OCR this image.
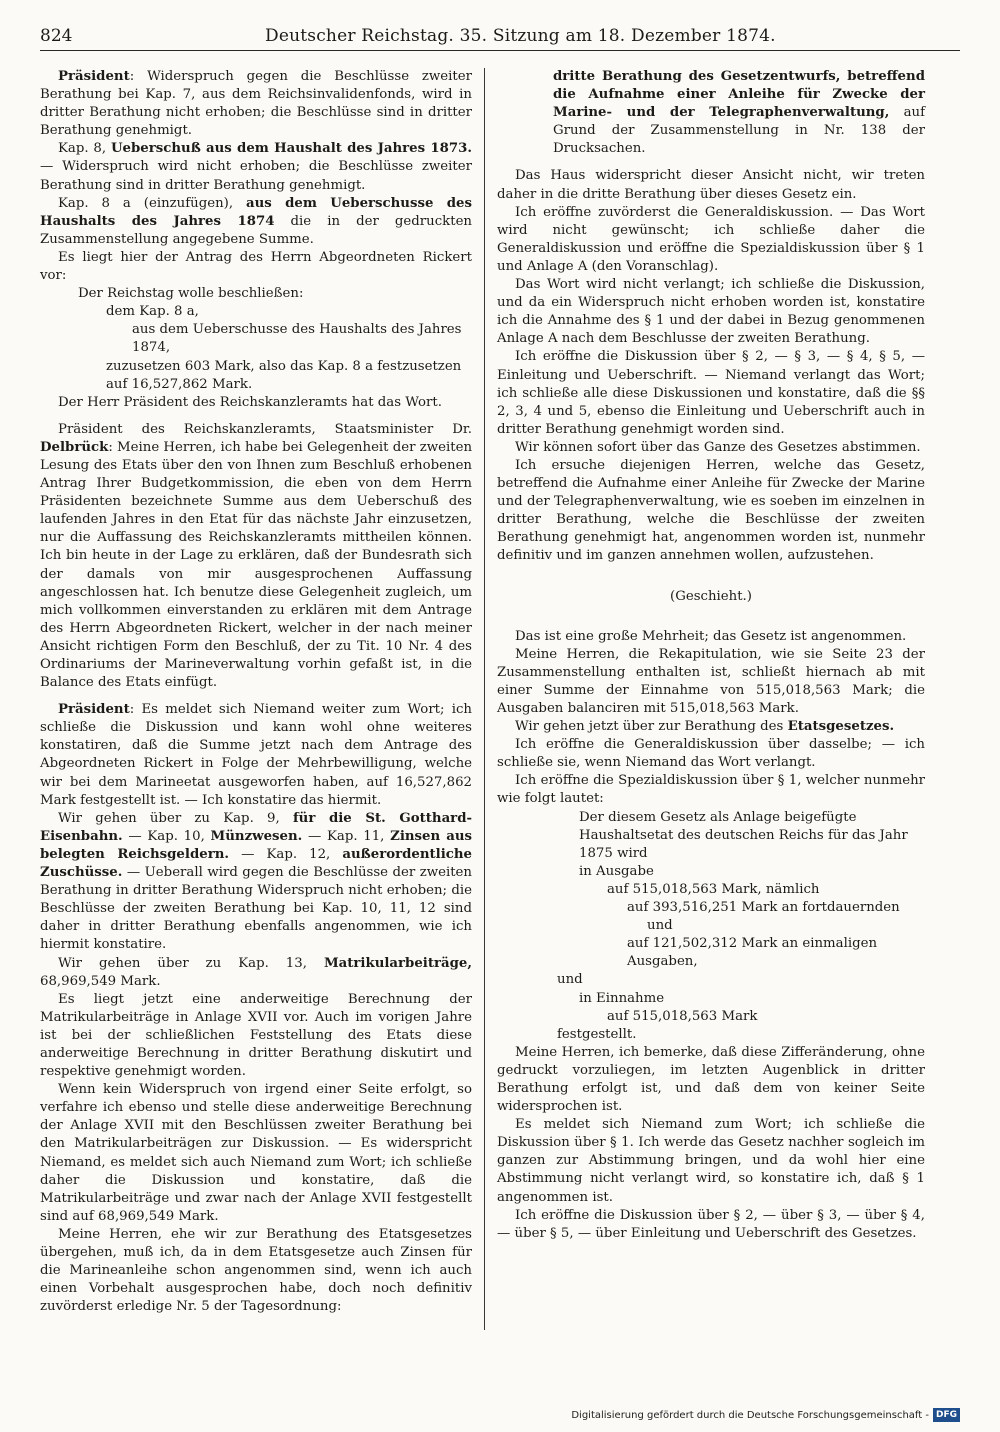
824	Deutscher Reichstag. 35. Sitzung am 18. Dezember 1874.

Präsident: Widerspruch gegen die Beschlüsse zweiter Berathung bei Kap. 7, aus dem Reichsinvalidenfonds, wird in dritter Berathung nicht erhoben; die Beschlüsse sind in dritter Berathung genehmigt.

Kap. 8, Ueberschuß aus dem Haushalt des Jahres 1873. — Widerspruch wird nicht erhoben; die Beschlüsse zweiter Berathung sind in dritter Berathung genehmigt.

Kap. 8 a (einzufügen), aus dem Ueberschusse des Haushalts des Jahres 1874 die in der gedruckten Zusammenstellung angegebene Summe.

Es liegt hier der Antrag des Herrn Abgeordneten Rickert vor:

Der Reichstag wolle beschließen:

dem Kap. 8 a,

aus dem Ueberschusse des Haushalts des Jahres 1874,

zuzusetzen 603 Mark, also das Kap. 8 a festzusetzen auf 16,527,862 Mark.

Der Herr Präsident des Reichskanzleramts hat das Wort.

Präsident des Reichskanzleramts, Staatsminister Dr. Delbrück: Meine Herren, ich habe bei Gelegenheit der zweiten Lesung des Etats über den von Ihnen zum Beschluß erhobenen Antrag Ihrer Budgetkommission, die eben von dem Herrn Präsidenten bezeichnete Summe aus dem Ueberschuß des laufenden Jahres in den Etat für das nächste Jahr einzusetzen, nur die Auffassung des Reichskanzleramts mittheilen können. Ich bin heute in der Lage zu erklären, daß der Bundesrath sich der damals von mir ausgesprochenen Auffassung angeschlossen hat. Ich benutze diese Gelegenheit zugleich, um mich vollkommen einverstanden zu erklären mit dem Antrage des Herrn Abgeordneten Rickert, welcher in der nach meiner Ansicht richtigen Form den Beschluß, der zu Tit. 10 Nr. 4 des Ordinariums der Marineverwaltung vorhin gefaßt ist, in die Balance des Etats einfügt.

Präsident: Es meldet sich Niemand weiter zum Wort; ich schließe die Diskussion und kann wohl ohne weiteres konstatiren, daß die Summe jetzt nach dem Antrage des Abgeordneten Rickert in Folge der Mehrbewilligung, welche wir bei dem Marineetat ausgeworfen haben, auf 16,527,862 Mark festgestellt ist. — Ich konstatire das hiermit.

Wir gehen über zu Kap. 9, für die St. Gotthard-Eisenbahn. — Kap. 10, Münzwesen. — Kap. 11, Zinsen aus belegten Reichsgeldern. — Kap. 12, außerordentliche Zuschüsse. — Ueberall wird gegen die Beschlüsse der zweiten Berathung in dritter Berathung Widerspruch nicht erhoben; die Beschlüsse der zweiten Berathung bei Kap. 10, 11, 12 sind daher in dritter Berathung ebenfalls angenommen, wie ich hiermit konstatire.

Wir gehen über zu Kap. 13, Matrikularbeiträge, 68,969,549 Mark.

Es liegt jetzt eine anderweitige Berechnung der Matrikularbeiträge in Anlage XVII vor. Auch im vorigen Jahre ist bei der schließlichen Feststellung des Etats diese anderweitige Berechnung in dritter Berathung diskutirt und respektive genehmigt worden.

Wenn kein Widerspruch von irgend einer Seite erfolgt, so verfahre ich ebenso und stelle diese anderweitige Berechnung der Anlage XVII mit den Beschlüssen zweiter Berathung bei den Matrikularbeiträgen zur Diskussion. — Es widerspricht Niemand, es meldet sich auch Niemand zum Wort; ich schließe daher die Diskussion und konstatire, daß die Matrikularbeiträge und zwar nach der Anlage XVII festgestellt sind auf 68,969,549 Mark.

Meine Herren, ehe wir zur Berathung des Etatsgesetzes übergehen, muß ich, da in dem Etatsgesetze auch Zinsen für die Marineanleihe schon angenommen sind, wenn ich auch einen Vorbehalt ausgesprochen habe, doch noch definitiv zuvörderst erledige Nr. 5 der Tagesordnung:

dritte Berathung des Gesetzentwurfs, betreffend die Aufnahme einer Anleihe für Zwecke der Marine- und der Telegraphenverwaltung, auf Grund der Zusammenstellung in Nr. 138 der Drucksachen.

Das Haus widerspricht dieser Ansicht nicht, wir treten daher in die dritte Berathung über dieses Gesetz ein.

Ich eröffne zuvörderst die Generaldiskussion. — Das Wort wird nicht gewünscht; ich schließe daher die Generaldiskussion und eröffne die Spezialdiskussion über § 1 und Anlage A (den Voranschlag).

Das Wort wird nicht verlangt; ich schließe die Diskussion, und da ein Widerspruch nicht erhoben worden ist, konstatire ich die Annahme des § 1 und der dabei in Bezug genommenen Anlage A nach dem Beschlusse der zweiten Berathung.

Ich eröffne die Diskussion über § 2, — § 3, — § 4, § 5, — Einleitung und Ueberschrift. — Niemand verlangt das Wort; ich schließe alle diese Diskussionen und konstatire, daß die §§ 2, 3, 4 und 5, ebenso die Einleitung und Ueberschrift auch in dritter Berathung genehmigt worden sind.

Wir können sofort über das Ganze des Gesetzes abstimmen.

Ich ersuche diejenigen Herren, welche das Gesetz, betreffend die Aufnahme einer Anleihe für Zwecke der Marine und der Telegraphenverwaltung, wie es soeben im einzelnen in dritter Berathung, welche die Beschlüsse der zweiten Berathung genehmigt hat, angenommen worden ist, nunmehr definitiv und im ganzen annehmen wollen, aufzustehen.

(Geschieht.)

Das ist eine große Mehrheit; das Gesetz ist angenommen.

Meine Herren, die Rekapitulation, wie sie Seite 23 der Zusammenstellung enthalten ist, schließt hiernach ab mit einer Summe der Einnahme von 515,018,563 Mark; die Ausgaben balanciren mit 515,018,563 Mark.

Wir gehen jetzt über zur Berathung des Etatsgesetzes.

Ich eröffne die Generaldiskussion über dasselbe; — ich schließe sie, wenn Niemand das Wort verlangt.

Ich eröffne die Spezialdiskussion über § 1, welcher nunmehr wie folgt lautet:

Der diesem Gesetz als Anlage beigefügte Haushaltsetat des deutschen Reichs für das Jahr 1875 wird

in Ausgabe

auf 515,018,563 Mark, nämlich

auf 393,516,251 Mark an fortdauernden

und

auf 121,502,312 Mark an einmaligen Ausgaben,

und

in Einnahme

auf 515,018,563 Mark

festgestellt.

Meine Herren, ich bemerke, daß diese Zifferänderung, ohne gedruckt vorzuliegen, im letzten Augenblick in dritter Berathung erfolgt ist, und daß dem von keiner Seite widersprochen ist.

Es meldet sich Niemand zum Wort; ich schließe die Diskussion über § 1. Ich werde das Gesetz nachher sogleich im ganzen zur Abstimmung bringen, und da wohl hier eine Abstimmung nicht verlangt wird, so konstatire ich, daß § 1 angenommen ist.

Ich eröffne die Diskussion über § 2, — über § 3, — über § 4, — über § 5, — über Einleitung und Ueberschrift des Gesetzes.

Digitalisierung gefördert durch die Deutsche Forschungsgemeinschaft - DFG
